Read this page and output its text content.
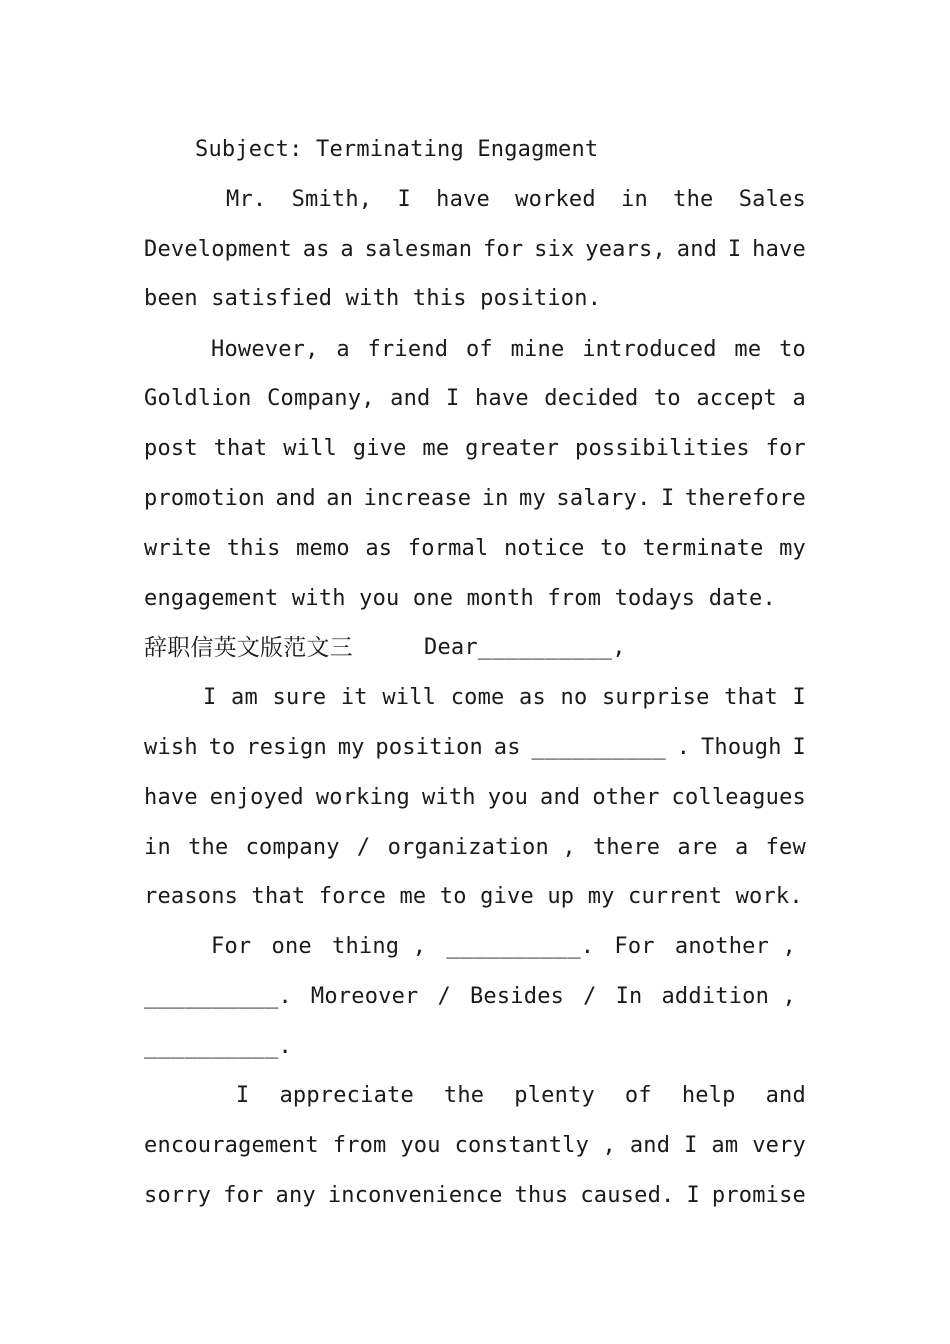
Subject: Terminating Engagment
Mr. Smith, I have worked in the Sales
Development as a salesman for six years, and I have
been satisfied with this position.
However, a friend of mine introduced me to
Goldlion Company, and I have decided to accept a
post that will give me greater possibilities for
promotion and an increase in my salary. I therefore
write this memo as formal notice to terminate my
engagement with you one month from todays date.
辞职信英文版范文三	Dear__________,
I am sure it will come as no surprise that I
wish to resign my position as __________ . Though I
have enjoyed working with you and other colleagues
in the company / organization , there are a few
reasons that force me to give up my current work.
For one thing , __________. For another ,
__________. Moreover / Besides / In addition ,
__________.
I appreciate the plenty of help and
encouragement from you constantly , and I am very
sorry for any inconvenience thus caused. I promise
